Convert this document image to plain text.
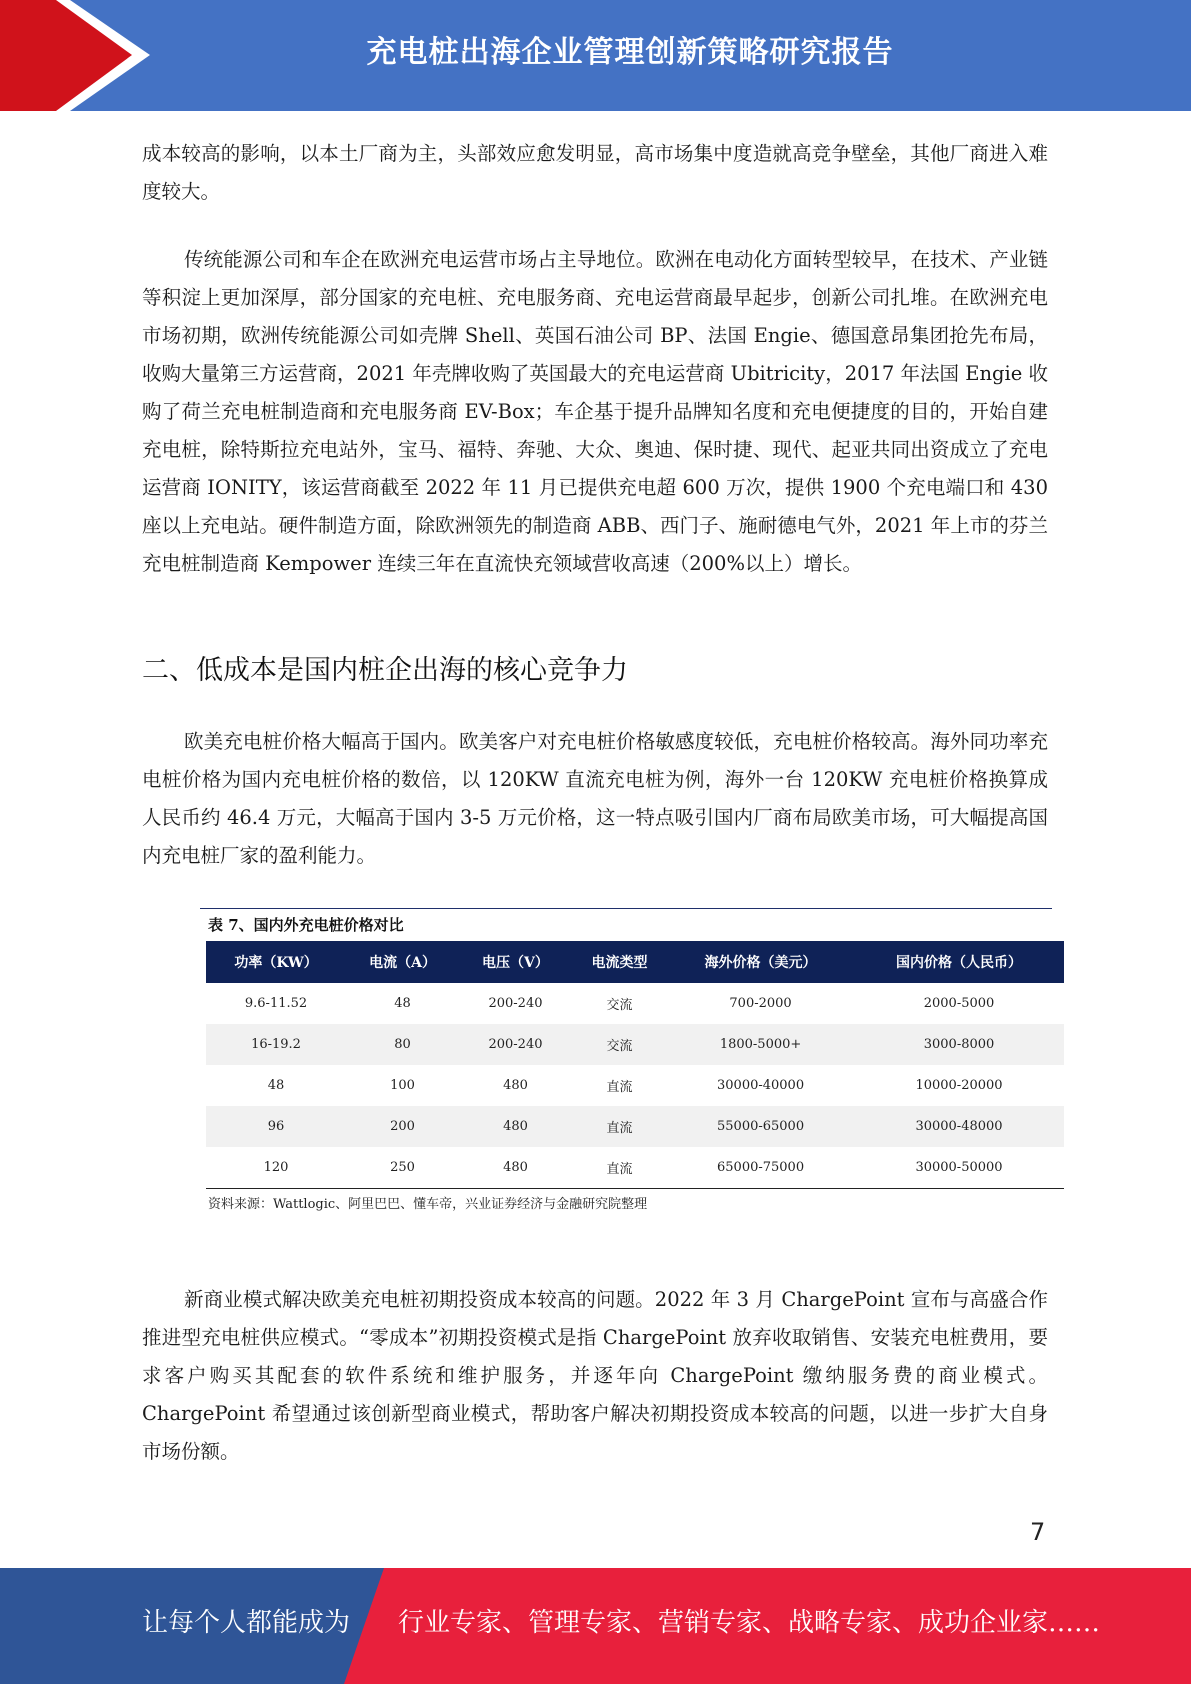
充电桩出海企业管理创新策略研究报告

成本较高的影响，以本土厂商为主，头部效应愈发明显，高市场集中度造就高竞争壁垒，其他厂商进入难度较大。

传统能源公司和车企在欧洲充电运营市场占主导地位。欧洲在电动化方面转型较早，在技术、产业链等积淀上更加深厚，部分国家的充电桩、充电服务商、充电运营商最早起步，创新公司扎堆。在欧洲充电市场初期，欧洲传统能源公司如壳牌 Shell、英国石油公司 BP、法国 Engie、德国意昂集团抢先布局，收购大量第三方运营商，2021 年壳牌收购了英国最大的充电运营商 Ubitricity，2017 年法国 Engie 收购了荷兰充电桩制造商和充电服务商 EV-Box；车企基于提升品牌知名度和充电便捷度的目的，开始自建充电桩，除特斯拉充电站外，宝马、福特、奔驰、大众、奥迪、保时捷、现代、起亚共同出资成立了充电运营商 IONITY，该运营商截至 2022 年 11 月已提供充电超 600 万次，提供 1900 个充电端口和 430 座以上充电站。硬件制造方面，除欧洲领先的制造商 ABB、西门子、施耐德电气外，2021 年上市的芬兰充电桩制造商 Kempower 连续三年在直流快充领域营收高速（200%以上）增长。

二、低成本是国内桩企出海的核心竞争力

欧美充电桩价格大幅高于国内。欧美客户对充电桩价格敏感度较低，充电桩价格较高。海外同功率充电桩价格为国内充电桩价格的数倍，以 120KW 直流充电桩为例，海外一台 120KW 充电桩价格换算成人民币约 46.4 万元，大幅高于国内 3-5 万元价格，这一特点吸引国内厂商布局欧美市场，可大幅提高国内充电桩厂家的盈利能力。

表 7、国内外充电桩价格对比
功率（KW）	电流（A）	电压（V）	电流类型	海外价格（美元）	国内价格（人民币）
9.6-11.52	48	200-240	交流	700-2000	2000-5000
16-19.2	80	200-240	交流	1800-5000+	3000-8000
48	100	480	直流	30000-40000	10000-20000
96	200	480	直流	55000-65000	30000-48000
120	250	480	直流	65000-75000	30000-50000
资料来源：Wattlogic、阿里巴巴、懂车帝，兴业证券经济与金融研究院整理

新商业模式解决欧美充电桩初期投资成本较高的问题。2022 年 3 月 ChargePoint 宣布与高盛合作推进型充电桩供应模式。“零成本”初期投资模式是指 ChargePoint 放弃收取销售、安装充电桩费用，要求客户购买其配套的软件系统和维护服务，并逐年向 ChargePoint 缴纳服务费的商业模式。ChargePoint 希望通过该创新型商业模式，帮助客户解决初期投资成本较高的问题，以进一步扩大自身市场份额。

7
让每个人都能成为 行业专家、管理专家、营销专家、战略专家、成功企业家……
